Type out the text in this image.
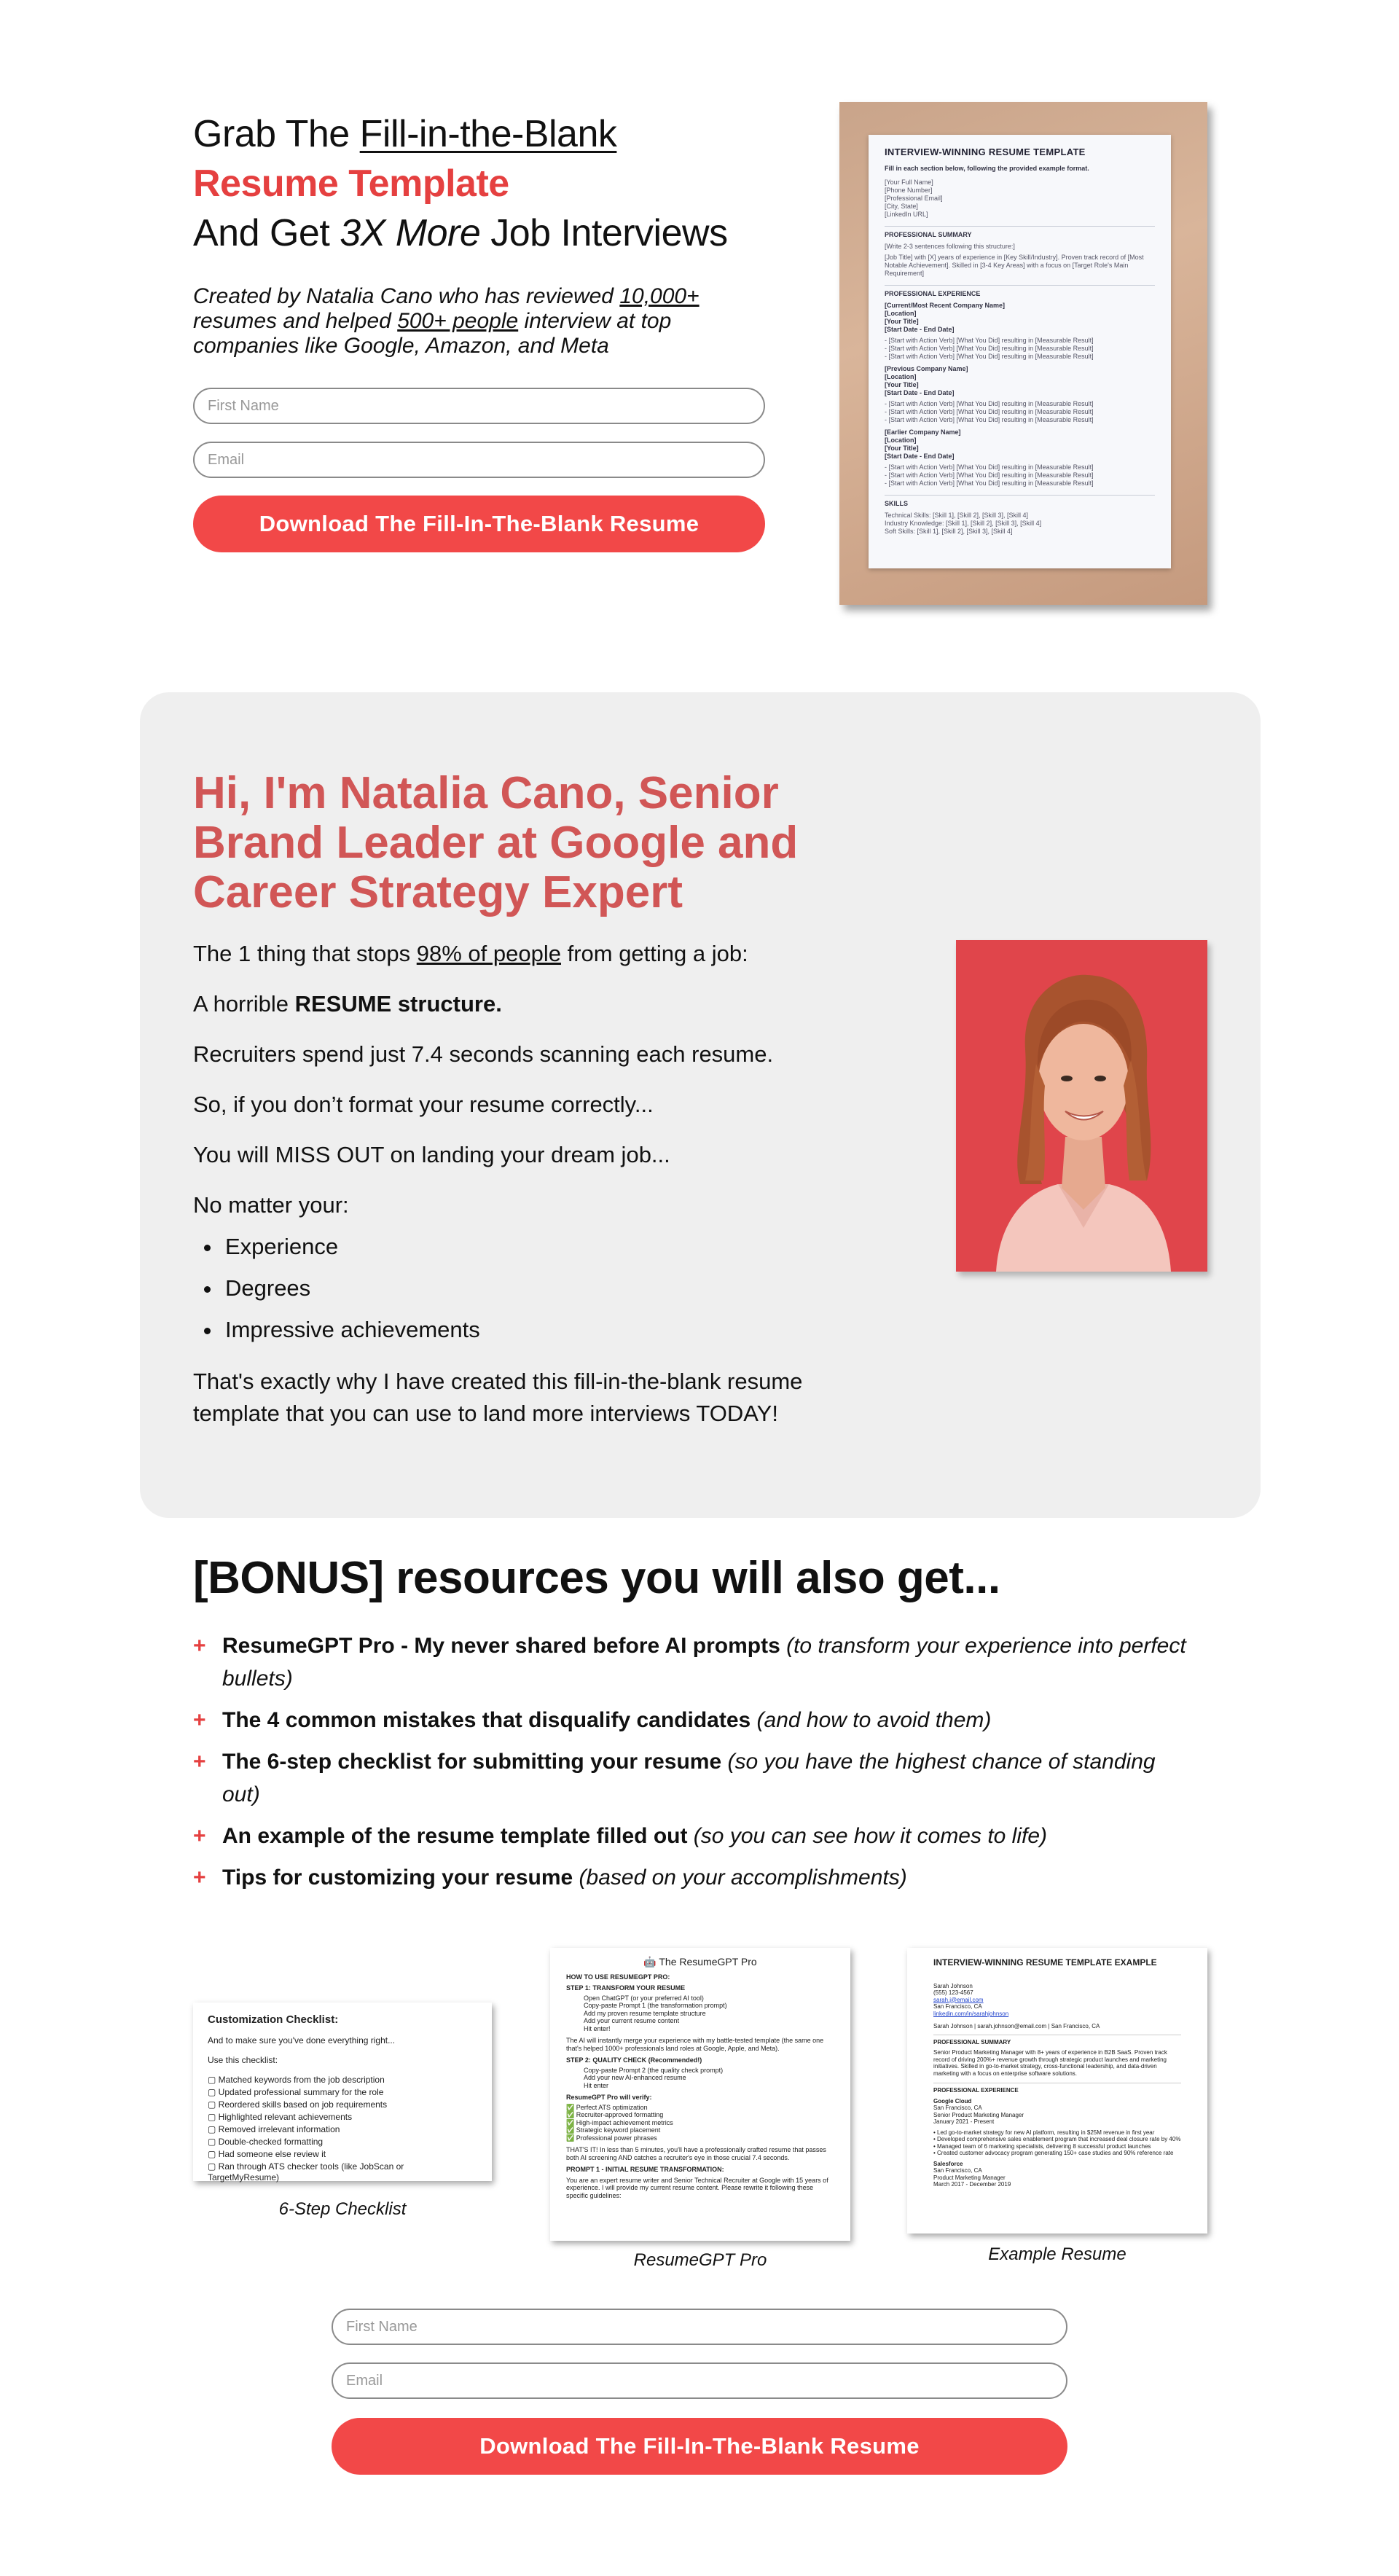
Grab The Fill-in-the-Blank
Resume Template
And Get 3X More Job Interviews

Created by Natalia Cano who has reviewed 10,000+ resumes and helped 500+ people interview at top companies like Google, Amazon, and Meta

First Name
Email
Download The Fill-In-The-Blank Resume
INTERVIEW-WINNING RESUME TEMPLATE
Fill in each section below, following the provided example format.
[Your Full Name]
[Phone Number]
[Professional Email]
[City, State]
[LinkedIn URL]
PROFESSIONAL SUMMARY
[Write 2-3 sentences following this structure:]
[Job Title] with [X] years of experience in [Key Skill/Industry]. Proven track record of [Most Notable Achievement]. Skilled in [3-4 Key Areas] with a focus on [Target Role's Main Requirement]
PROFESSIONAL EXPERIENCE
[Current/Most Recent Company Name]
[Location]
[Your Title]
[Start Date - End Date]
- [Start with Action Verb] [What You Did] resulting in [Measurable Result]
- [Start with Action Verb] [What You Did] resulting in [Measurable Result]
- [Start with Action Verb] [What You Did] resulting in [Measurable Result]
[Previous Company Name]
[Location]
[Your Title]
[Start Date - End Date]
- [Start with Action Verb] [What You Did] resulting in [Measurable Result]
- [Start with Action Verb] [What You Did] resulting in [Measurable Result]
- [Start with Action Verb] [What You Did] resulting in [Measurable Result]
[Earlier Company Name]
[Location]
[Your Title]
[Start Date - End Date]
- [Start with Action Verb] [What You Did] resulting in [Measurable Result]
- [Start with Action Verb] [What You Did] resulting in [Measurable Result]
- [Start with Action Verb] [What You Did] resulting in [Measurable Result]
SKILLS
Technical Skills: [Skill 1], [Skill 2], [Skill 3], [Skill 4]
Industry Knowledge: [Skill 1], [Skill 2], [Skill 3], [Skill 4]
Soft Skills: [Skill 1], [Skill 2], [Skill 3], [Skill 4]
Hi, I'm Natalia Cano, Senior Brand Leader at Google and Career Strategy Expert

The 1 thing that stops 98% of people from getting a job:

A horrible RESUME structure.

Recruiters spend just 7.4 seconds scanning each resume.

So, if you don’t format your resume correctly...

You will MISS OUT on landing your dream job...

No matter your:

• Experience
• Degrees
• Impressive achievements

That's exactly why I have created this fill-in-the-blank resume template that you can use to land more interviews TODAY!

[BONUS] resources you will also get...
+ ResumeGPT Pro - My never shared before AI prompts (to transform your experience into perfect bullets)
+ The 4 common mistakes that disqualify candidates (and how to avoid them)
+ The 6-step checklist for submitting your resume (so you have the highest chance of standing out)
+ An example of the resume template filled out (so you can see how it comes to life)
+ Tips for customizing your resume (based on your accomplishments)
Customization Checklist:
And to make sure you've done everything right...
Use this checklist:
▢ Matched keywords from the job description
▢ Updated professional summary for the role
▢ Reordered skills based on job requirements
▢ Highlighted relevant achievements
▢ Removed irrelevant information
▢ Double-checked formatting
▢ Had someone else review it
▢ Ran through ATS checker tools (like JobScan or TargetMyResume)
6-Step Checklist
🤖 The ResumeGPT Pro
HOW TO USE RESUMEGPT PRO:
STEP 1: TRANSFORM YOUR RESUME
Open ChatGPT (or your preferred AI tool)
Copy-paste Prompt 1 (the transformation prompt)
Add my proven resume template structure
Add your current resume content
Hit enter!
The AI will instantly merge your experience with my battle-tested template (the same one that's helped 1000+ professionals land roles at Google, Apple, and Meta).
STEP 2: QUALITY CHECK (Recommended!)
Copy-paste Prompt 2 (the quality check prompt)
Add your new AI-enhanced resume
Hit enter
ResumeGPT Pro will verify:
✅ Perfect ATS optimization
✅ Recruiter-approved formatting
✅ High-impact achievement metrics
✅ Strategic keyword placement
✅ Professional power phrases
THAT'S IT! In less than 5 minutes, you'll have a professionally crafted resume that passes both AI screening AND catches a recruiter's eye in those crucial 7.4 seconds.
PROMPT 1 - INITIAL RESUME TRANSFORMATION:
You are an expert resume writer and Senior Technical Recruiter at Google with 15 years of experience. I will provide my current resume content. Please rewrite it following these specific guidelines:
ResumeGPT Pro
INTERVIEW-WINNING RESUME TEMPLATE EXAMPLE
Sarah Johnson
(555) 123-4567
sarah.j@email.com
San Francisco, CA
linkedin.com/in/sarahjohnson
Sarah Johnson | sarah.johnson@email.com | San Francisco, CA
PROFESSIONAL SUMMARY
Senior Product Marketing Manager with 8+ years of experience in B2B SaaS. Proven track record of driving 200%+ revenue growth through strategic product launches and marketing initiatives. Skilled in go-to-market strategy, cross-functional leadership, and data-driven marketing with a focus on enterprise software solutions.
PROFESSIONAL EXPERIENCE
Google Cloud
San Francisco, CA
Senior Product Marketing Manager
January 2021 - Present
• Led go-to-market strategy for new AI platform, resulting in $25M revenue in first year
• Developed comprehensive sales enablement program that increased deal closure rate by 40%
• Managed team of 6 marketing specialists, delivering 8 successful product launches
• Created customer advocacy program generating 150+ case studies and 90% reference rate
Salesforce
San Francisco, CA
Product Marketing Manager
March 2017 - December 2019
Example Resume
First Name
Email
Download The Fill-In-The-Blank Resume
